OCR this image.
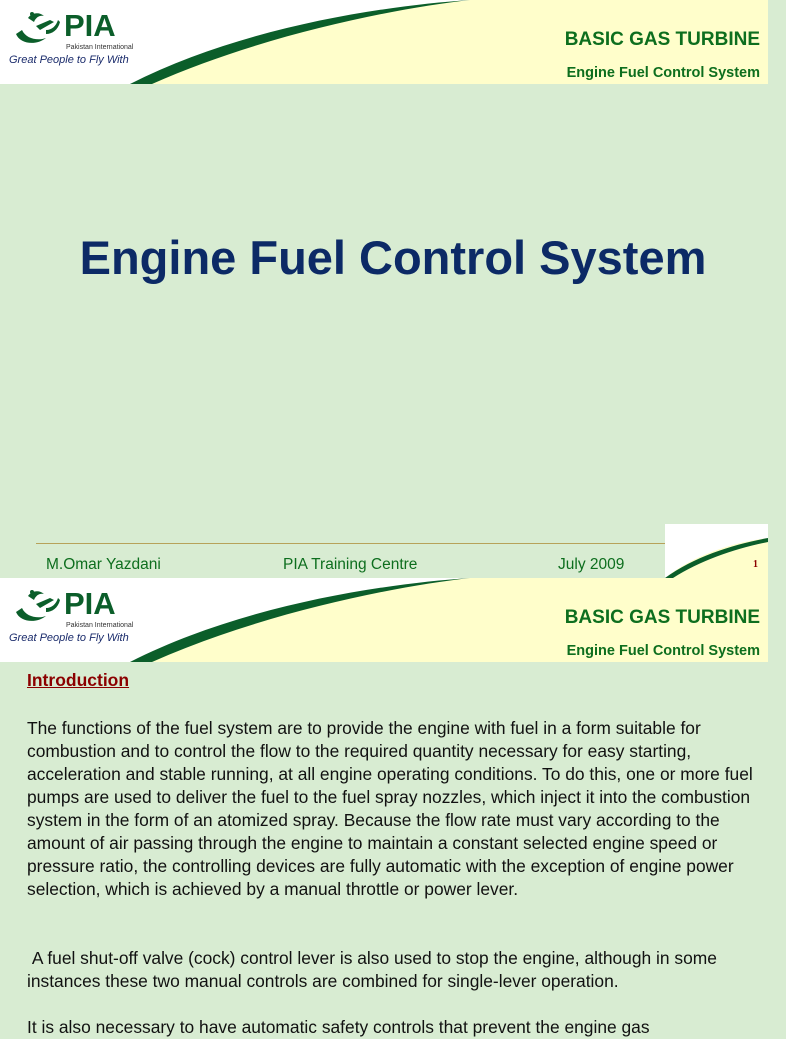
PIA
Pakistan International
Great People to Fly With
BASIC GAS TURBINE
Engine Fuel Control System
Engine Fuel Control System
M.Omar Yazdani	PIA Training Centre	July 2009	1
PIA
Pakistan International
Great People to Fly With
BASIC GAS TURBINE
Engine Fuel Control System
Introduction

The functions of the fuel system are to provide the engine with fuel in a form suitable for combustion and to control the flow to the required quantity necessary for easy starting, acceleration and stable running, at all engine operating conditions. To do this, one or more fuel pumps are used to deliver the fuel to the fuel spray nozzles, which inject it into the combustion system in the form of an atomized spray. Because the flow rate must vary according to the amount of air passing through the engine to maintain a constant selected engine speed or pressure ratio, the controlling devices are fully automatic with the exception of engine power selection, which is achieved by a manual throttle or power lever.

A fuel shut-off valve (cock) control lever is also used to stop the engine, although in some instances these two manual controls are combined for single-lever operation.

It is also necessary to have automatic safety controls that prevent the engine gas
